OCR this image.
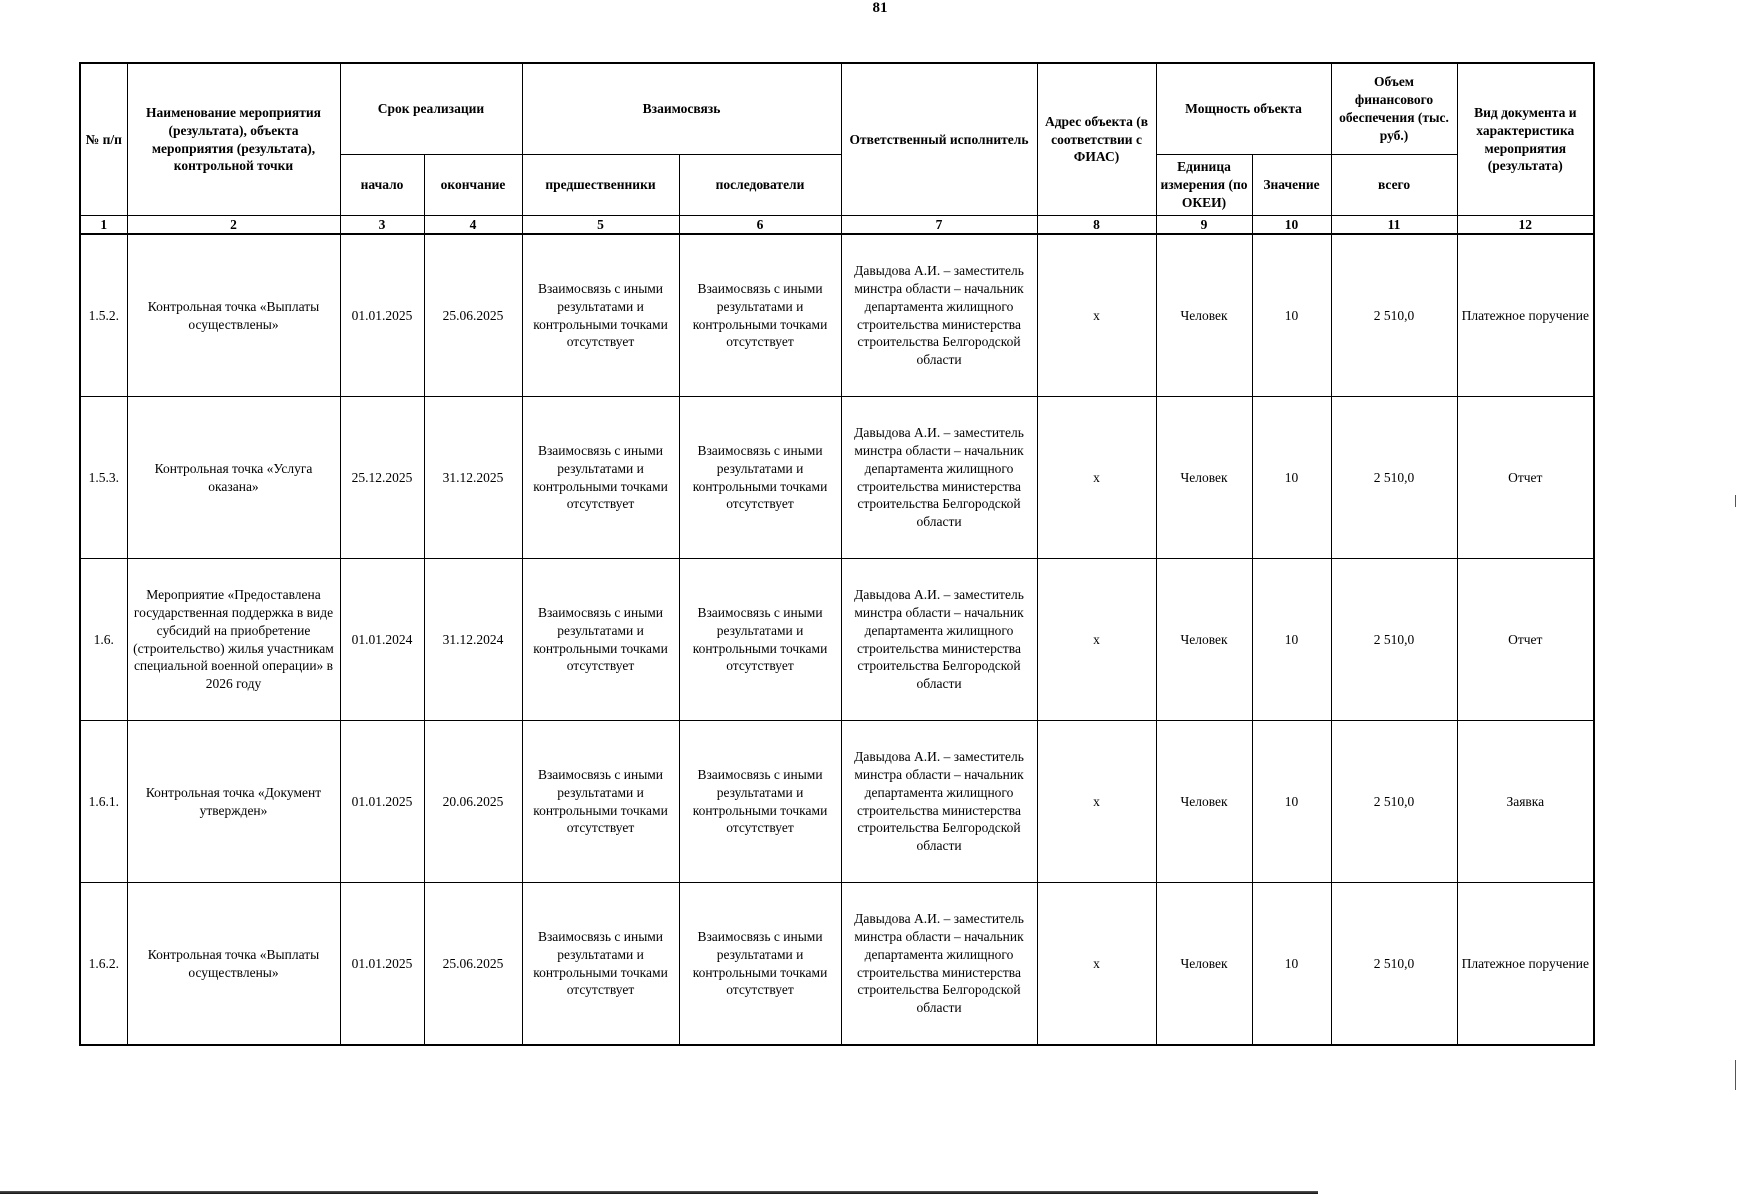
81
№ п/п	Наименование мероприятия (результата), объекта мероприятия (результата), контрольной точки	Срок реализации		Взаимосвязь		Ответственный исполнитель	Адрес объекта (в соответствии с ФИАС)	Мощность объекта		Объем финансового обеспечения (тыс. руб.)	Вид документа и характеристика мероприятия (результата)
		начало	окончание	предшественники	последователи			Единица измерения (по ОКЕИ)	Значение	всего	
1	2	3	4	5	6	7	8	9	10	11	12
1.5.2.	Контрольная точка «Выплаты осуществлены»	01.01.2025	25.06.2025	Взаимосвязь с иными результатами и контрольными точками отсутствует	Взаимосвязь с иными результатами и контрольными точками отсутствует	Давыдова А.И. – заместитель минстра области – начальник департамента жилищного строительства министерства строительства Белгородской области	х	Человек	10	2 510,0	Платежное поручение
1.5.3.	Контрольная точка «Услуга оказана»	25.12.2025	31.12.2025	Взаимосвязь с иными результатами и контрольными точками отсутствует	Взаимосвязь с иными результатами и контрольными точками отсутствует	Давыдова А.И. – заместитель минстра области – начальник департамента жилищного строительства министерства строительства Белгородской области	х	Человек	10	2 510,0	Отчет
1.6.	Мероприятие «Предоставлена государственная поддержка в виде субсидий на приобретение (строительство) жилья участникам специальной военной операции» в 2026 году	01.01.2024	31.12.2024	Взаимосвязь с иными результатами и контрольными точками отсутствует	Взаимосвязь с иными результатами и контрольными точками отсутствует	Давыдова А.И. – заместитель минстра области – начальник департамента жилищного строительства министерства строительства Белгородской области	х	Человек	10	2 510,0	Отчет
1.6.1.	Контрольная точка «Документ утвержден»	01.01.2025	20.06.2025	Взаимосвязь с иными результатами и контрольными точками отсутствует	Взаимосвязь с иными результатами и контрольными точками отсутствует	Давыдова А.И. – заместитель минстра области – начальник департамента жилищного строительства министерства строительства Белгородской области	х	Человек	10	2 510,0	Заявка
1.6.2.	Контрольная точка «Выплаты осуществлены»	01.01.2025	25.06.2025	Взаимосвязь с иными результатами и контрольными точками отсутствует	Взаимосвязь с иными результатами и контрольными точками отсутствует	Давыдова А.И. – заместитель минстра области – начальник департамента жилищного строительства министерства строительства Белгородской области	х	Человек	10	2 510,0	Платежное поручение
